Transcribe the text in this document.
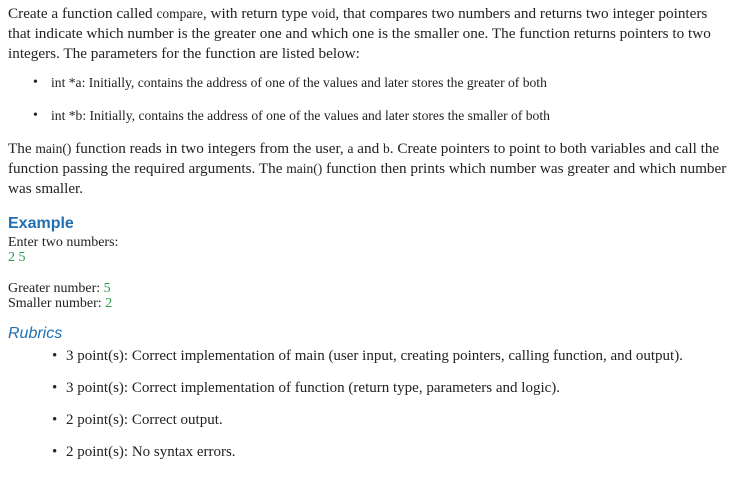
Create a function called compare, with return type void, that compares two numbers and returns two integer pointers that indicate which number is the greater one and which one is the smaller one. The function returns pointers to two integers. The parameters for the function are listed below:

• int *a: Initially, contains the address of one of the values and later stores the greater of both
• int *b: Initially, contains the address of one of the values and later stores the smaller of both

The main() function reads in two integers from the user, a and b. Create pointers to point to both variables and call the function passing the required arguments. The main() function then prints which number was greater and which number was smaller.

Example
Enter two numbers:
2 5
Greater number: 5
Smaller number: 2
Rubrics
• 3 point(s): Correct implementation of main (user input, creating pointers, calling function, and output).
• 3 point(s): Correct implementation of function (return type, parameters and logic).
• 2 point(s): Correct output.
• 2 point(s): No syntax errors.
